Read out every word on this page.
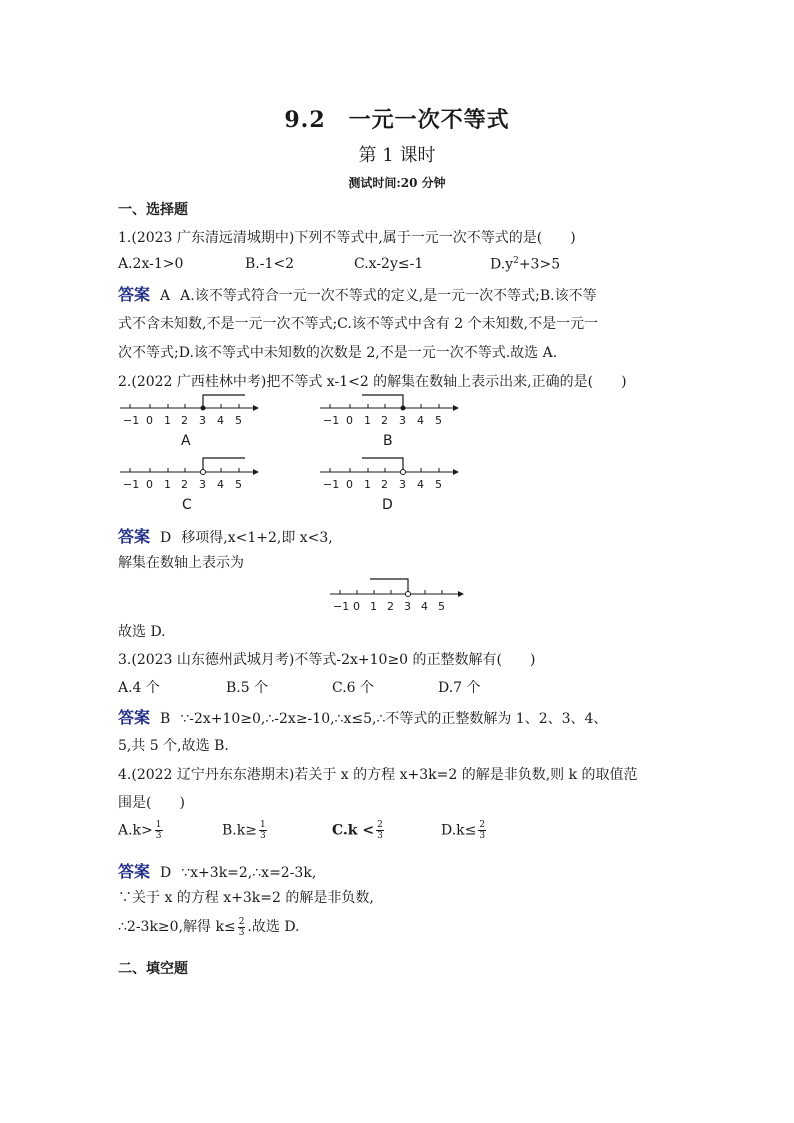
9.2　一元一次不等式
第 1 课时
测试时间:20 分钟
一、选择题
1.(2023 广东清远清城期中)下列不等式中,属于一元一次不等式的是(　　)
A.2x-1>0	B.-1<2	C.x-2y≤-1	$D.y^2+3>5$
答案 A A.该不等式符合一元一次不等式的定义,是一元一次不等式;B.该不等
式不含未知数,不是一元一次不等式;C.该不等式中含有 2 个未知数,不是一元一
次不等式;D.该不等式中未知数的次数是 2,不是一元一次不等式.故选 A.
2.(2022 广西桂林中考)把不等式 x-1<2 的解集在数轴上表示出来,正确的是(　　)
−1 0 1 2 3 4 5
A
−1 0 1 2 3 4 5
B
−1 0 1 2 3 4 5
C
−1 0 1 2 3 4 5
D
答案 D 移项得,x<1+2,即 x<3,
解集在数轴上表示为
−1 0 1 2 3 4 5
故选 D.
3.(2023 山东德州武城月考)不等式-2x+10≥0 的正整数解有(　　)
A.4 个	B.5 个	C.6 个	D.7 个
答案 B ∵-2x+10≥0,∴-2x≥-10,∴x≤5,∴不等式的正整数解为 1、2、3、4、
5,共 5 个,故选 B.
4.(2022 辽宁丹东东港期末)若关于 x 的方程 x+3k=2 的解是非负数,则 k 的取值范
围是(　　)
$A.k> \frac{1}{3}$	$B.k\ge \frac{1}{3}$	$C.k < \frac{2}{3}$	$D.k\le \frac{2}{3}$
答案 D ∵x+3k=2,∴x=2-3k,
∵关于 x 的方程 x+3k=2 的解是非负数,
∴2-3k≥0,解得 $k\le \frac{2}{3}$ .故选 D.
二、填空题
